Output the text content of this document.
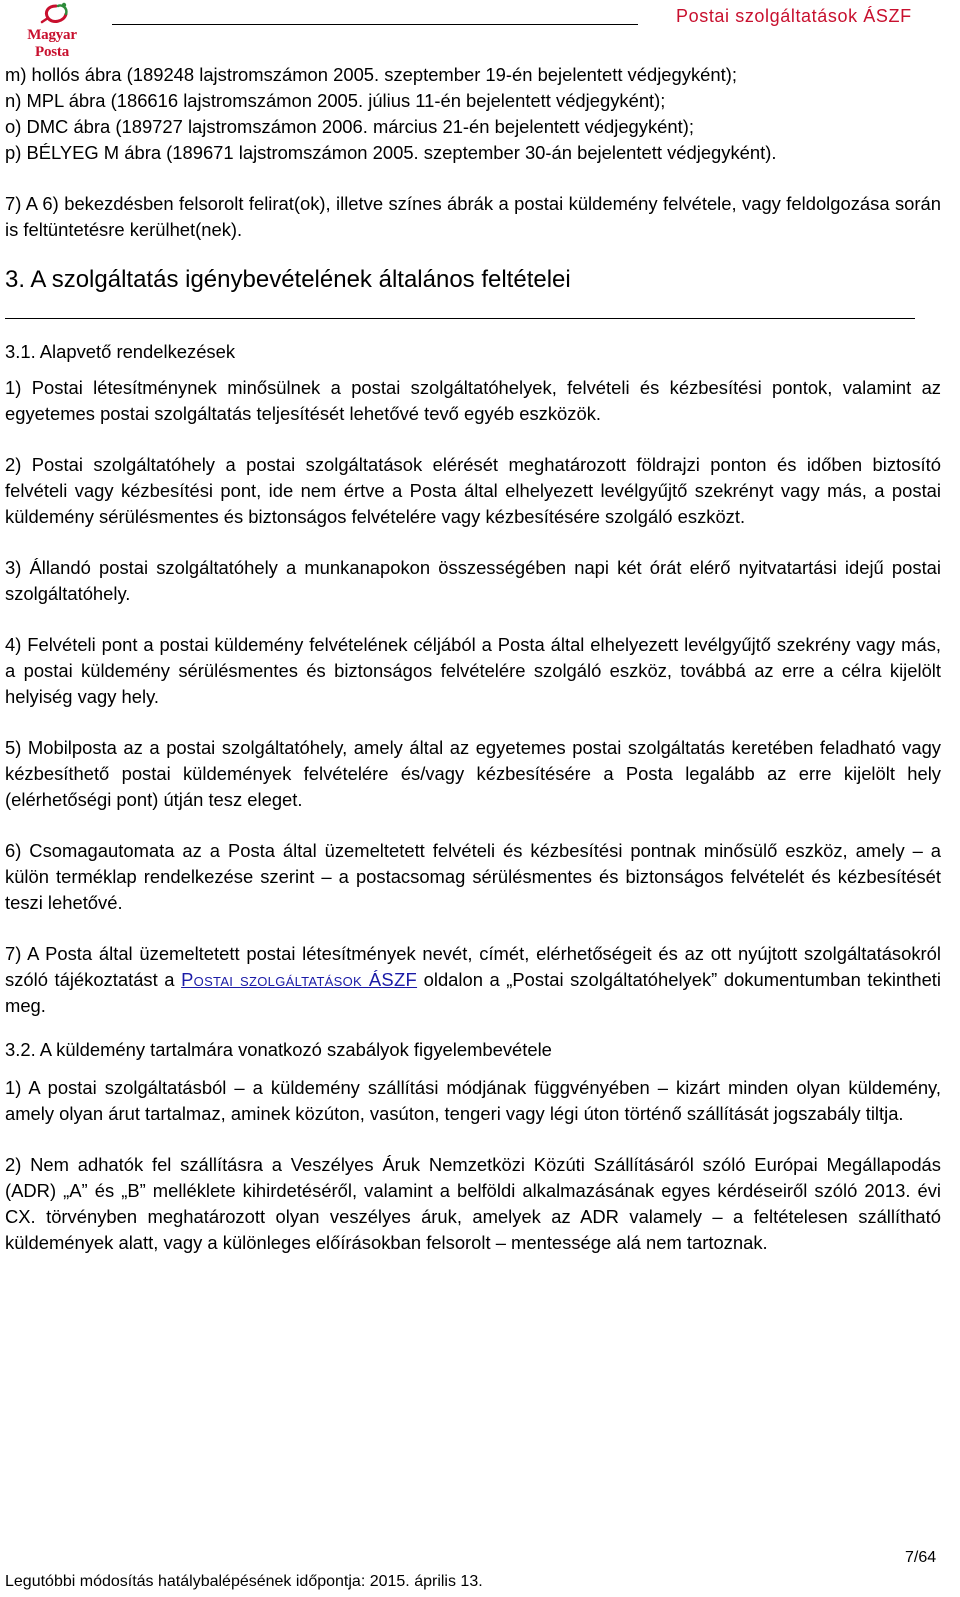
Magyar Posta
Postai szolgáltatások ÁSZF

m) hollós ábra (189248 lajstromszámon 2005. szeptember 19-én bejelentett védjegyként);

n) MPL ábra (186616 lajstromszámon 2005. július 11-én bejelentett védjegyként);

o) DMC ábra (189727 lajstromszámon 2006. március 21-én bejelentett védjegyként);

p) BÉLYEG M ábra (189671 lajstromszámon 2005. szeptember 30-án bejelentett védjegyként).

7) A 6) bekezdésben felsorolt felirat(ok), illetve színes ábrák a postai küldemény felvétele, vagy feldolgozása során is feltüntetésre kerülhet(nek).

3. A szolgáltatás igénybevételének általános feltételei
3.1. Alapvető rendelkezések

1) Postai létesítménynek minősülnek a postai szolgáltatóhelyek, felvételi és kézbesítési pontok, valamint az egyetemes postai szolgáltatás teljesítését lehetővé tevő egyéb eszközök.

2) Postai szolgáltatóhely a postai szolgáltatások elérését meghatározott földrajzi ponton és időben biztosító felvételi vagy kézbesítési pont, ide nem értve a Posta által elhelyezett levélgyűjtő szekrényt vagy más, a postai küldemény sérülésmentes és biztonságos felvételére vagy kézbesítésére szolgáló eszközt.

3) Állandó postai szolgáltatóhely a munkanapokon összességében napi két órát elérő nyitvatartási idejű postai szolgáltatóhely.

4) Felvételi pont a postai küldemény felvételének céljából a Posta által elhelyezett levélgyűjtő szekrény vagy más, a postai küldemény sérülésmentes és biztonságos felvételére szolgáló eszköz, továbbá az erre a célra kijelölt helyiség vagy hely.

5) Mobilposta az a postai szolgáltatóhely, amely által az egyetemes postai szolgáltatás keretében feladható vagy kézbesíthető postai küldemények felvételére és/vagy kézbesítésére a Posta legalább az erre kijelölt hely (elérhetőségi pont) útján tesz eleget.

6) Csomagautomata az a Posta által üzemeltetett felvételi és kézbesítési pontnak minősülő eszköz, amely – a külön terméklap rendelkezése szerint – a postacsomag sérülésmentes és biztonságos felvételét és kézbesítését teszi lehetővé.

7) A Posta által üzemeltetett postai létesítmények nevét, címét, elérhetőségeit és az ott nyújtott szolgáltatásokról szóló tájékoztatást a Postai szolgáltatások ÁSZF oldalon a „Postai szolgáltatóhelyek” dokumentumban tekintheti meg.

3.2. A küldemény tartalmára vonatkozó szabályok figyelembevétele

1) A postai szolgáltatásból – a küldemény szállítási módjának függvényében – kizárt minden olyan küldemény, amely olyan árut tartalmaz, aminek közúton, vasúton, tengeri vagy légi úton történő szállítását jogszabály tiltja.

2) Nem adhatók fel szállításra a Veszélyes Áruk Nemzetközi Közúti Szállításáról szóló Európai Megállapodás (ADR) „A” és „B” melléklete kihirdetéséről, valamint a belföldi alkalmazásának egyes kérdéseiről szóló 2013. évi CX. törvényben meghatározott olyan veszélyes áruk, amelyek az ADR valamely – a feltételesen szállítható küldemények alatt, vagy a különleges előírásokban felsorolt – mentessége alá nem tartoznak.

7/64
Legutóbbi módosítás hatálybalépésének időpontja: 2015. április 13.
